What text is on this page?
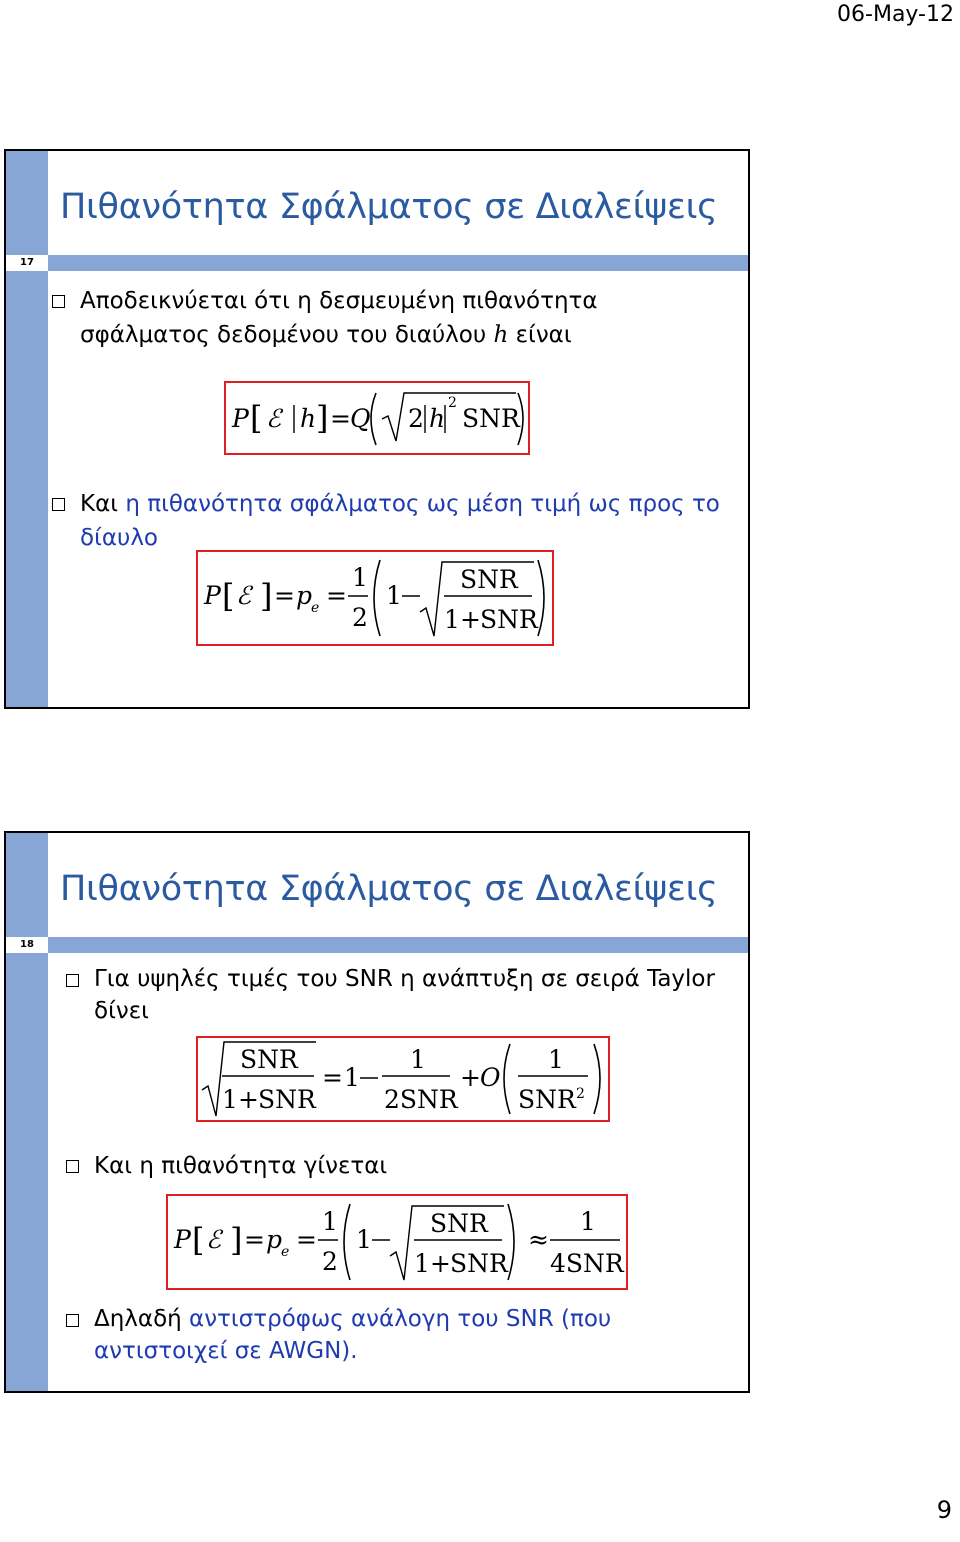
06-May-12
Πιθανότητα Σφάλματος σε Διαλείψεις
17
Αποδεικνύεται ότι η δεσμευμένη πιθανότητα σφάλματος δεδομένου του διαύλου h είναι
P [ ℰ h ] = Q 2 h
2
SNR
Και η πιθανότητα σφάλματος ως μέση τιμή ως προς το δίαυλο
P [ ℰ ] = p
e =
1
2
1
SNR
1 + SNR
Πιθανότητα Σφάλματος σε Διαλείψεις
18
Για υψηλές τιμές του SNR η ανάπτυξη σε σειρά Taylor δίνει
SNR
1 + SNR
= 1
1
2SNR
+ O
1
SNR 2
Και η πιθανότητα γίνεται
P [ ℰ ] = p
e =
1
2
1
SNR
1 + SNR
≈
1
4SNR
Δηλαδή αντιστρόφως ανάλογη του SNR (που αντιστοιχεί σε AWGN).
9
